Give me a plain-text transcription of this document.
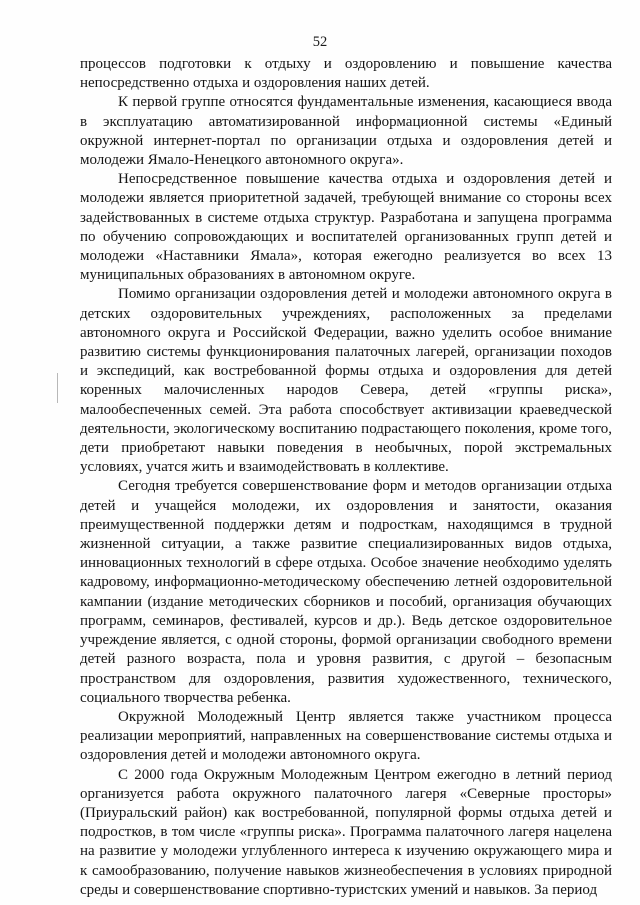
52

процессов подготовки к отдыху и оздоровлению и повышение качества непосредственно отдыха и оздоровления наших детей.

К первой группе относятся фундаментальные изменения, касающиеся ввода в эксплуатацию автоматизированной информационной системы «Единый окружной интернет-портал по организации отдыха и оздоровления детей и молодежи Ямало-Ненецкого автономного округа».

Непосредственное повышение качества отдыха и оздоровления детей и молодежи является приоритетной задачей, требующей внимание со стороны всех задействованных в системе отдыха структур. Разработана и запущена программа по обучению сопровождающих и воспитателей организованных групп детей и молодежи «Наставники Ямала», которая ежегодно реализуется во всех 13 муниципальных образованиях в автономном округе.

Помимо организации оздоровления детей и молодежи автономного округа в детских оздоровительных учреждениях, расположенных за пределами автономного округа и Российской Федерации, важно уделить особое внимание развитию системы функционирования палаточных лагерей, организации походов и экспедиций, как востребованной формы отдыха и оздоровления для детей коренных малочисленных народов Севера, детей «группы риска», малообеспеченных семей. Эта работа способствует активизации краеведческой деятельности, экологическому воспитанию подрастающего поколения, кроме того, дети приобретают навыки поведения в необычных, порой экстремальных условиях, учатся жить и взаимодействовать в коллективе.

Сегодня требуется совершенствование форм и методов организации отдыха детей и учащейся молодежи, их оздоровления и занятости, оказания преимущественной поддержки детям и подросткам, находящимся в трудной жизненной ситуации, а также развитие специализированных видов отдыха, инновационных технологий в сфере отдыха. Особое значение необходимо уделять кадровому, информационно-методическому обеспечению летней оздоровительной кампании (издание методических сборников и пособий, организация обучающих программ, семинаров, фестивалей, курсов и др.). Ведь детское оздоровительное учреждение является, с одной стороны, формой организации свободного времени детей разного возраста, пола и уровня развития, с другой – безопасным пространством для оздоровления, развития художественного, технического, социального творчества ребенка.

Окружной Молодежный Центр является также участником процесса реализации мероприятий, направленных на совершенствование системы отдыха и оздоровления детей и молодежи автономного округа.

С 2000 года Окружным Молодежным Центром ежегодно в летний период организуется работа окружного палаточного лагеря «Северные просторы» (Приуральский район) как востребованной, популярной формы отдыха детей и подростков, в том числе «группы риска». Программа палаточного лагеря нацелена на развитие у молодежи углубленного интереса к изучению окружающего мира и к самообразованию, получение навыков жизнеобеспечения в условиях природной среды и совершенствование спортивно-туристских умений и навыков. За период
